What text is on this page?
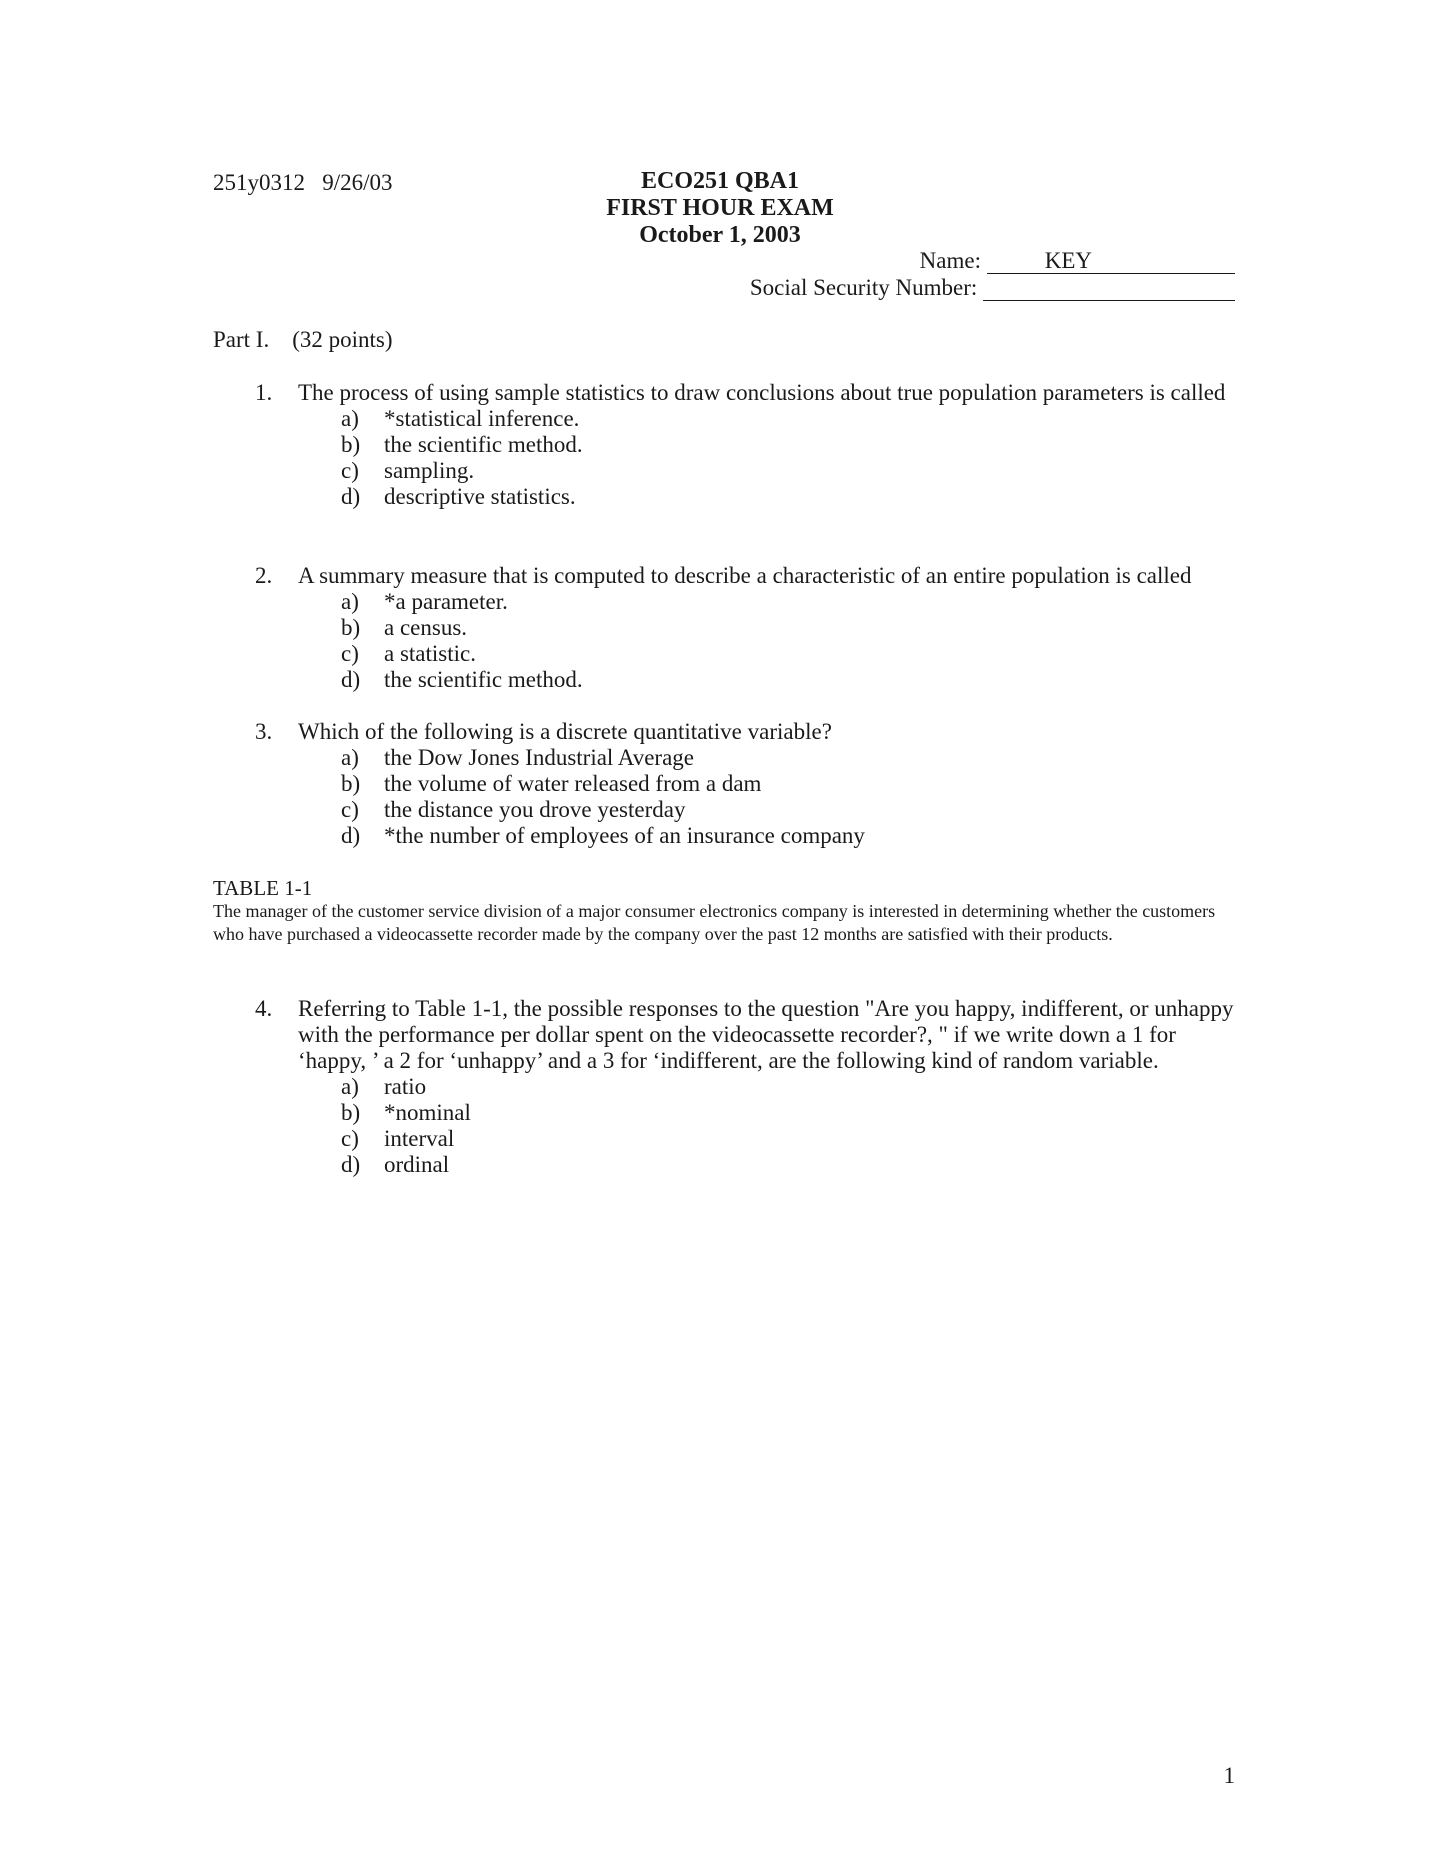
251y0312 9/26/03	ECO251 QBA1
FIRST HOUR EXAM
October 1, 2003
Name:	KEY
Social Security Number:
Part I. (32 points)
1. The process of using sample statistics to draw conclusions about true population parameters is called
a)	*statistical inference.
b)	the scientific method.
c)	sampling.
d)	descriptive statistics.
2. A summary measure that is computed to describe a characteristic of an entire population is called
a)	*a parameter.
b)	a census.
c)	a statistic.
d)	the scientific method.
3. Which of the following is a discrete quantitative variable?
a)	the Dow Jones Industrial Average
b)	the volume of water released from a dam
c)	the distance you drove yesterday
d)	*the number of employees of an insurance company
TABLE 1-1
The manager of the customer service division of a major consumer electronics company is interested in determining whether the customers who have purchased a videocassette recorder made by the company over the past 12 months are satisfied with their products.
4. Referring to Table 1-1, the possible responses to the question "Are you happy, indifferent, or unhappy with the performance per dollar spent on the videocassette recorder?, " if we write down a 1 for ‘happy, ’ a 2 for ‘unhappy’ and a 3 for ‘indifferent, are the following kind of random variable.
a)	ratio
b)	*nominal
c)	interval
d)	ordinal
1
